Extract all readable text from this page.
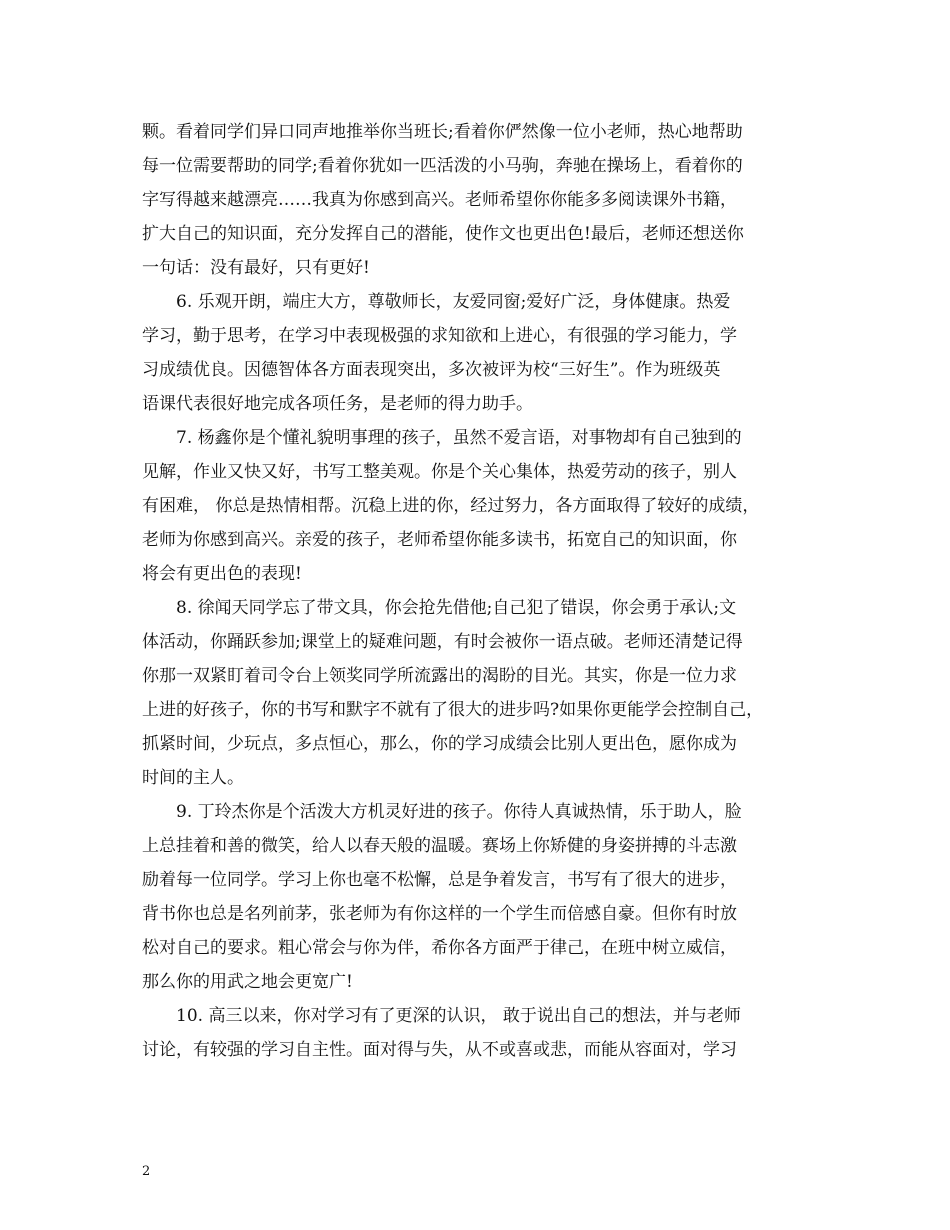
颗。看着同学们异口同声地推举你当班长;看着你俨然像一位小老师，热心地帮助
每一位需要帮助的同学;看着你犹如一匹活泼的小马驹，奔驰在操场上，看着你的
字写得越来越漂亮……我真为你感到高兴。老师希望你你能多多阅读课外书籍，
扩大自己的知识面，充分发挥自己的潜能，使作文也更出色!最后，老师还想送你
一句话：没有最好，只有更好!

6. 乐观开朗，端庄大方，尊敬师长，友爱同窗;爱好广泛，身体健康。热爱
学习，勤于思考，在学习中表现极强的求知欲和上进心，有很强的学习能力，学
习成绩优良。因德智体各方面表现突出，多次被评为校“三好生”。作为班级英
语课代表很好地完成各项任务，是老师的得力助手。

7. 杨鑫你是个懂礼貌明事理的孩子，虽然不爱言语，对事物却有自己独到的
见解，作业又快又好，书写工整美观。你是个关心集体，热爱劳动的孩子，别人
有困难， 你总是热情相帮。沉稳上进的你，经过努力，各方面取得了较好的成绩，
老师为你感到高兴。亲爱的孩子，老师希望你能多读书，拓宽自己的知识面，你
将会有更出色的表现!

8. 徐闻天同学忘了带文具，你会抢先借他;自己犯了错误，你会勇于承认;文
体活动，你踊跃参加;课堂上的疑难问题，有时会被你一语点破。老师还清楚记得
你那一双紧盯着司令台上领奖同学所流露出的渴盼的目光。其实，你是一位力求
上进的好孩子，你的书写和默字不就有了很大的进步吗?如果你更能学会控制自己，
抓紧时间，少玩点，多点恒心，那么，你的学习成绩会比别人更出色，愿你成为
时间的主人。

9. 丁玲杰你是个活泼大方机灵好进的孩子。你待人真诚热情，乐于助人，脸
上总挂着和善的微笑，给人以春天般的温暖。赛场上你矫健的身姿拼搏的斗志激
励着每一位同学。学习上你也毫不松懈，总是争着发言，书写有了很大的进步，
背书你也总是名列前茅，张老师为有你这样的一个学生而倍感自豪。但你有时放
松对自己的要求。粗心常会与你为伴，希你各方面严于律己，在班中树立威信，
那么你的用武之地会更宽广!

10. 高三以来，你对学习有了更深的认识， 敢于说出自己的想法，并与老师
讨论，有较强的学习自主性。面对得与失，从不或喜或悲，而能从容面对，学习

2
